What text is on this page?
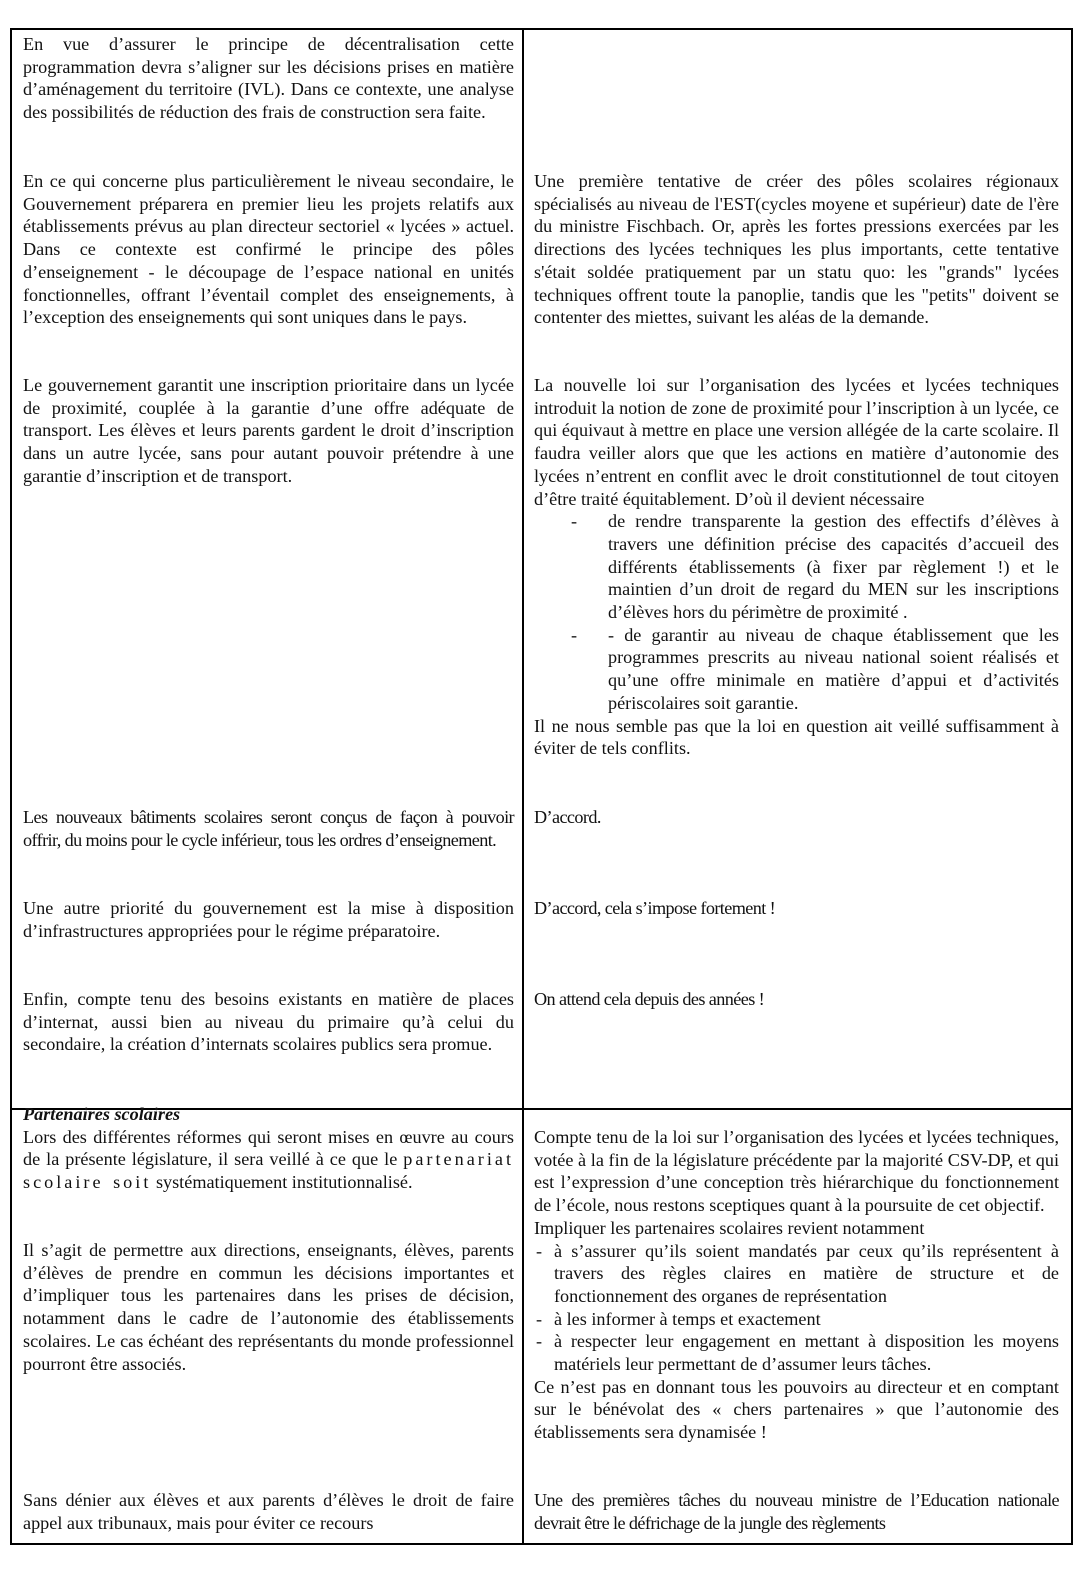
En vue d’assurer le principe de décentralisation cette programmation devra s’aligner sur les décisions prises en matière d’aménagement du territoire (IVL). Dans ce contexte, une analyse des possibilités de réduction des frais de construction sera faite.

En ce qui concerne plus particulièrement le niveau secondaire, le Gouvernement préparera en premier lieu les projets relatifs aux établissements prévus au plan directeur sectoriel « lycées » actuel. Dans ce contexte est confirmé le principe des pôles d’enseignement - le découpage de l’espace national en unités fonctionnelles, offrant l’éventail complet des enseignements, à l’exception des enseignements qui sont uniques dans le pays.

Le gouvernement garantit une inscription prioritaire dans un lycée de proximité, couplée à la garantie d’une offre adéquate de transport. Les élèves et leurs parents gardent le droit d’inscription dans un autre lycée, sans pour autant pouvoir prétendre à une garantie d’inscription et de transport.

Les nouveaux bâtiments scolaires seront conçus de façon à pouvoir offrir, du moins pour le cycle inférieur, tous les ordres d’enseignement.

Une autre priorité du gouvernement est la mise à disposition d’infrastructures appropriées pour le régime préparatoire.

Enfin, compte tenu des besoins existants en matière de places d’internat, aussi bien au niveau du primaire qu’à celui du secondaire, la création d’internats scolaires publics sera promue.

Partenaires scolaires

Lors des différentes réformes qui seront mises en œuvre au cours de la présente législature, il sera veillé à ce que le partenariat scolaire soit systématiquement institutionnalisé.

Il s’agit de permettre aux directions, enseignants, élèves, parents d’élèves de prendre en commun les décisions importantes et d’impliquer tous les partenaires dans les prises de décision, notamment dans le cadre de l’autonomie des établissements scolaires. Le cas échéant des représentants du monde professionnel pourront être associés.

Sans dénier aux élèves et aux parents d’élèves le droit de faire appel aux tribunaux, mais pour éviter ce recours

Une première tentative de créer des pôles scolaires régionaux spécialisés au niveau de l'EST(cycles moyene et supérieur) date de l'ère du ministre Fischbach. Or, après les fortes pressions exercées par les directions des lycées techniques les plus importants, cette tentative s'était soldée pratiquement par un statu quo: les "grands" lycées techniques offrent toute la panoplie, tandis que les "petits" doivent se contenter des miettes, suivant les aléas de la demande.

La nouvelle loi sur l’organisation des lycées et lycées techniques introduit la notion de zone de proximité pour l’inscription à un lycée, ce qui équivaut à mettre en place une version allégée de la carte scolaire. Il faudra veiller alors que que les actions en matière d’autonomie des lycées n’entrent en conflit avec le droit constitutionnel de tout citoyen d’être traité équitablement. D’où il devient nécessaire

- de rendre transparente la gestion des effectifs d’élèves à travers une définition précise des capacités d’accueil des différents établissements (à fixer par règlement !) et le maintien d’un droit de regard du MEN sur les inscriptions d’élèves hors du périmètre de proximité .
- - de garantir au niveau de chaque établissement que les programmes prescrits au niveau national soient réalisés et qu’une offre minimale en matière d’appui et d’activités périscolaires soit garantie.

Il ne nous semble pas que la loi en question ait veillé suffisamment à éviter de tels conflits.

D’accord.

D’accord, cela s’impose fortement !

On attend cela depuis des années !

Compte tenu de la loi sur l’organisation des lycées et lycées techniques, votée à la fin de la législature précédente par la majorité CSV-DP, et qui est l’expression d’une conception très hiérarchique du fonctionnement de l’école, nous restons sceptiques quant à la poursuite de cet objectif.

Impliquer les partenaires scolaires revient notamment

- à s’assurer qu’ils soient mandatés par ceux qu’ils représentent à travers des règles claires en matière de structure et de fonctionnement des organes de représentation
- à les informer à temps et exactement
- à respecter leur engagement en mettant à disposition les moyens matériels leur permettant de d’assumer leurs tâches.

Ce n’est pas en donnant tous les pouvoirs au directeur et en comptant sur le bénévolat des « chers partenaires » que l’autonomie des établissements sera dynamisée !

Une des premières tâches du nouveau ministre de l’Education nationale devrait être le défrichage de la jungle des règlements
